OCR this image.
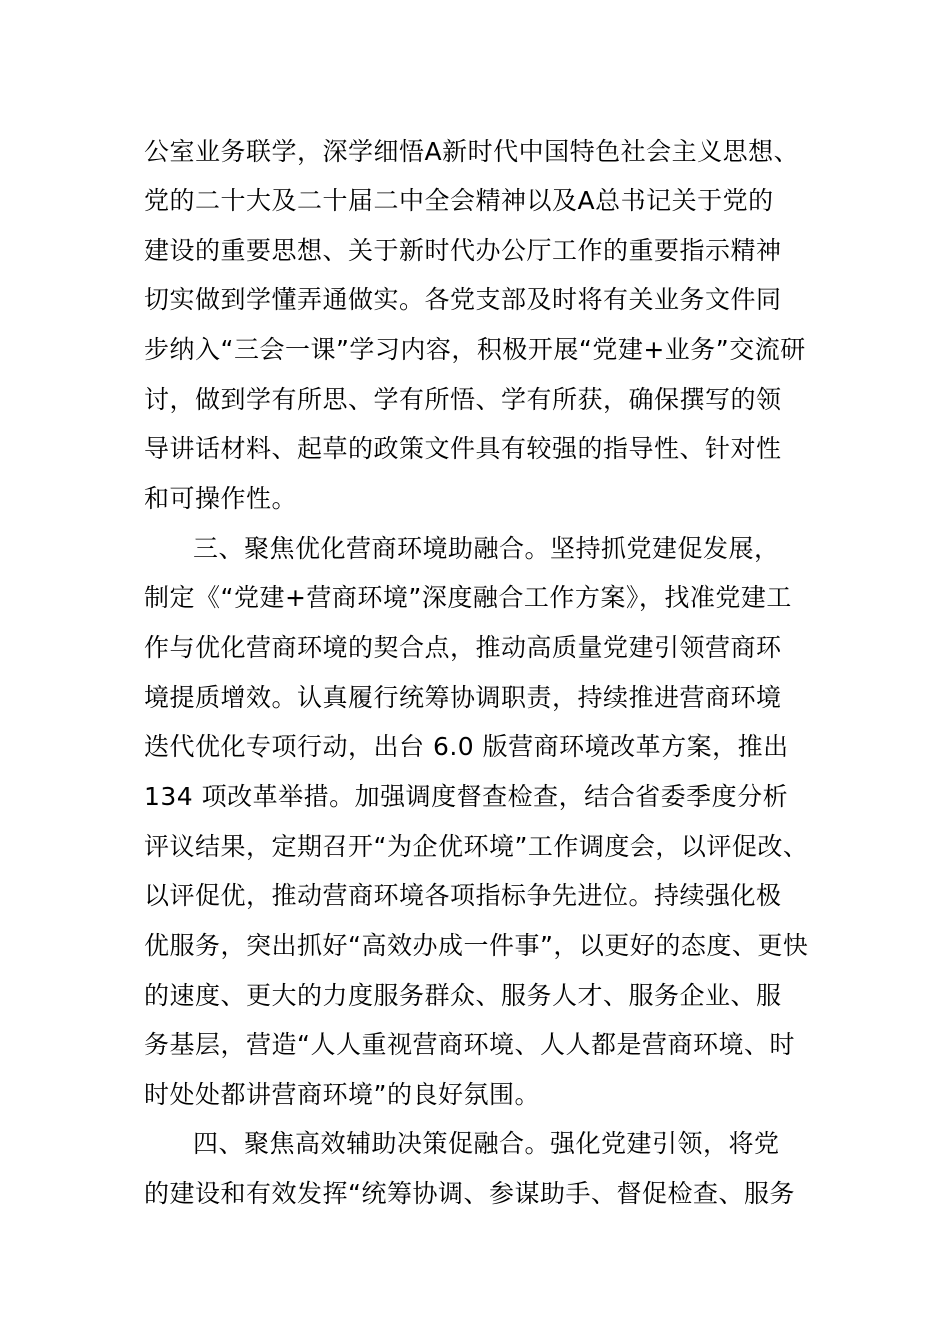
公室业务联学，深学细悟A新时代中国特色社会主义思想、
党的二十大及二十届二中全会精神以及A总书记关于党的
建设的重要思想、关于新时代办公厅工作的重要指示精神
切实做到学懂弄通做实。各党支部及时将有关业务文件同
步纳入“三会一课”学习内容，积极开展“党建+业务”交流研
讨，做到学有所思、学有所悟、学有所获，确保撰写的领
导讲话材料、起草的政策文件具有较强的指导性、针对性
和可操作性。
三、聚焦优化营商环境助融合。坚持抓党建促发展，
制定《“党建+营商环境”深度融合工作方案》，找准党建工
作与优化营商环境的契合点，推动高质量党建引领营商环
境提质增效。认真履行统筹协调职责，持续推进营商环境
迭代优化专项行动，出台 6.0 版营商环境改革方案，推出
134 项改革举措。加强调度督查检查，结合省委季度分析
评议结果，定期召开“为企优环境”工作调度会，以评促改、
以评促优，推动营商环境各项指标争先进位。持续强化极
优服务，突出抓好“高效办成一件事”，以更好的态度、更快
的速度、更大的力度服务群众、服务人才、服务企业、服
务基层，营造“人人重视营商环境、人人都是营商环境、时
时处处都讲营商环境”的良好氛围。
四、聚焦高效辅助决策促融合。强化党建引领，将党
的建设和有效发挥“统筹协调、参谋助手、督促检查、服务
